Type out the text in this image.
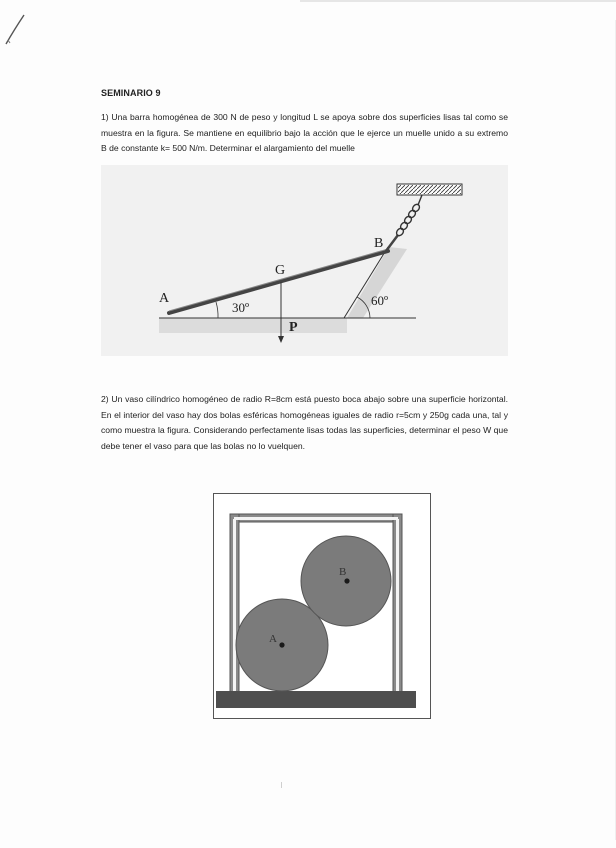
SEMINARIO 9
1) Una barra homogénea de 300 N de peso y longitud L se apoya sobre dos superficies lisas tal como se muestra en la figura. Se mantiene en equilibrio bajo la acción que le ejerce un muelle unido a su extremo B de constante k= 500 N/m. Determinar el alargamiento del muelle
A
B
G
P
30º	60º
2) Un vaso cilíndrico homogéneo de radio R=8cm está puesto boca abajo sobre una superficie horizontal. En el interior del vaso hay dos bolas esféricas homogéneas iguales de radio r=5cm y 250g cada una, tal y como muestra la figura. Considerando perfectamente lisas todas las superficies, determinar el peso W que debe tener el vaso para que las bolas no lo vuelquen.
A
B
